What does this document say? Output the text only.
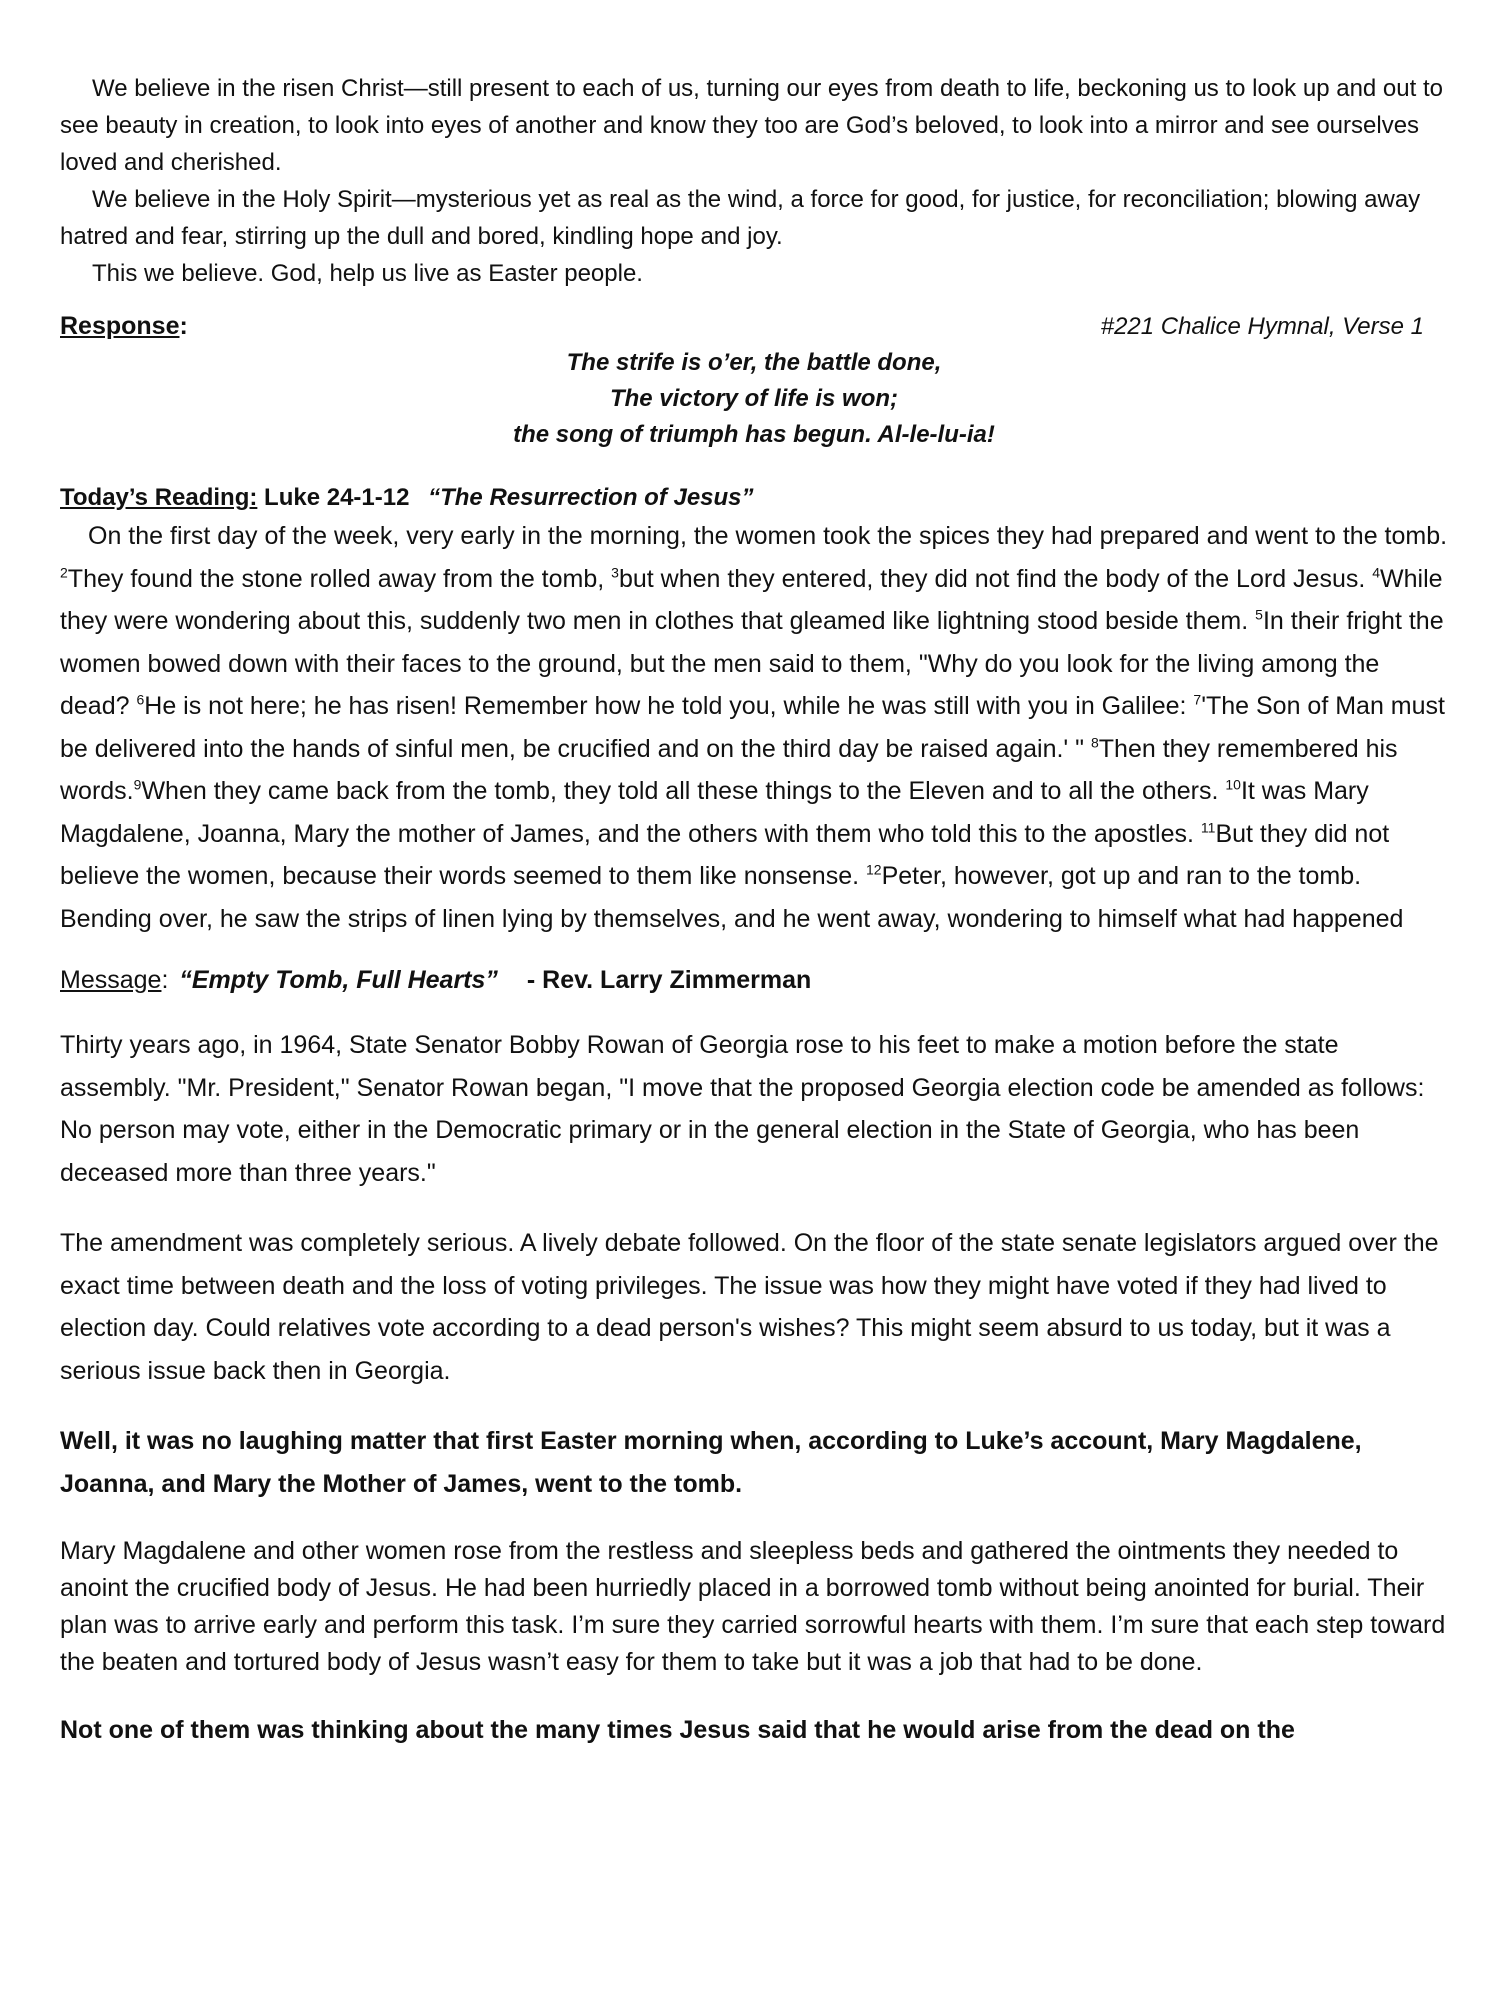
We believe in the risen Christ—still present to each of us, turning our eyes from death to life, beckoning us to look up and out to see beauty in creation, to look into eyes of another and know they too are God’s beloved, to look into a mirror and see ourselves loved and cherished.

We believe in the Holy Spirit—mysterious yet as real as the wind, a force for good, for justice, for reconciliation; blowing away hatred and fear, stirring up the dull and bored, kindling hope and joy.

This we believe. God, help us live as Easter people.

Response:	#221 Chalice Hymnal, Verse 1
The strife is o’er, the battle done,
The victory of life is won;
the song of triumph has begun. Al-le-lu-ia!
Today’s Reading: Luke 24-1-12 “The Resurrection of Jesus”

On the first day of the week, very early in the morning, the women took the spices they had prepared and went to the tomb. $^2$They found the stone rolled away from the tomb, $^3$but when they entered, they did not find the body of the Lord Jesus. $^4$While they were wondering about this, suddenly two men in clothes that gleamed like lightning stood beside them. $^5$In their fright the women bowed down with their faces to the ground, but the men said to them, "Why do you look for the living among the dead? $^6$He is not here; he has risen! Remember how he told you, while he was still with you in Galilee: $^7$'The Son of Man must be delivered into the hands of sinful men, be crucified and on the third day be raised again.' " $^8$Then they remembered his words.$^9$When they came back from the tomb, they told all these things to the Eleven and to all the others. $^{10}$It was Mary Magdalene, Joanna, Mary the mother of James, and the others with them who told this to the apostles. $^{11}$But they did not believe the women, because their words seemed to them like nonsense. $^{12}$Peter, however, got up and ran to the tomb. Bending over, he saw the strips of linen lying by themselves, and he went away, wondering to himself what had happened

Message: “Empty Tomb, Full Hearts” - Rev. Larry Zimmerman

Thirty years ago, in 1964, State Senator Bobby Rowan of Georgia rose to his feet to make a motion before the state assembly. "Mr. President," Senator Rowan began, "I move that the proposed Georgia election code be amended as follows: No person may vote, either in the Democratic primary or in the general election in the State of Georgia, who has been deceased more than three years."

The amendment was completely serious. A lively debate followed. On the floor of the state senate legislators argued over the exact time between death and the loss of voting privileges. The issue was how they might have voted if they had lived to election day. Could relatives vote according to a dead person's wishes? This might seem absurd to us today, but it was a serious issue back then in Georgia.

Well, it was no laughing matter that first Easter morning when, according to Luke’s account, Mary Magdalene, Joanna, and Mary the Mother of James, went to the tomb.

Mary Magdalene and other women rose from the restless and sleepless beds and gathered the ointments they needed to anoint the crucified body of Jesus. He had been hurriedly placed in a borrowed tomb without being anointed for burial. Their plan was to arrive early and perform this task. I’m sure they carried sorrowful hearts with them. I’m sure that each step toward the beaten and tortured body of Jesus wasn’t easy for them to take but it was a job that had to be done.

Not one of them was thinking about the many times Jesus said that he would arise from the dead on the
